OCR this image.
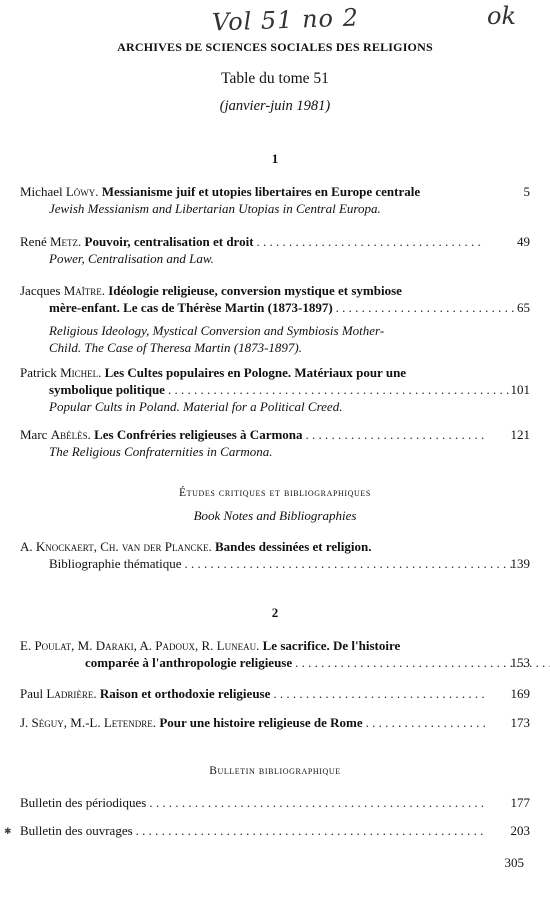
Vol 51 no 2	ok
ARCHIVES DE SCIENCES SOCIALES DES RELIGIONS
Table du tome 51
(janvier-juin 1981)
1
Michael Löwy.
Messianisme juif et utopies libertaires en Europe centrale	5
Jewish Messianism and Libertarian Utopias in Central Europa.
René Metz.
Pouvoir, centralisation et droit . . .	49
Power, Centralisation and Law.
Jacques Maître.
Idéologie religieuse, conversion mystique et symbiose
mère-enfant. Le cas de Thérèse Martin (1873-1897) . . .	65
Religious Ideology, Mystical Conversion and Symbiosis Mother-
Child. The Case of Theresa Martin (1873-1897).
Patrick Michel.
Les Cultes populaires en Pologne. Matériaux pour une
symbolique politique . . .	101
Popular Cults in Poland. Material for a Political Creed.
Marc Abélès.
Les Confréries religieuses à Carmona . . .	121
The Religious Confraternities in Carmona.
Études critiques et bibliographiques
Book Notes and Bibliographies
A. Knockaert, Ch. van der Plancke.
Bandes dessinées et religion.
Bibliographie thématique . . .	139
2
E. Poulat, M. Daraki, A. Padoux, R. Luneau.
Le sacrifice. De l'histoire
comparée à l'anthropologie religieuse . . .	153
Paul Ladrière.
Raison et orthodoxie religieuse . . .	169
J. Séguy, M.-L. Letendre.
Pour une histoire religieuse de Rome . . .	173
Bulletin bibliographique
Bulletin des périodiques . . .	177
✱ Bulletin des ouvrages . . .	203
305
